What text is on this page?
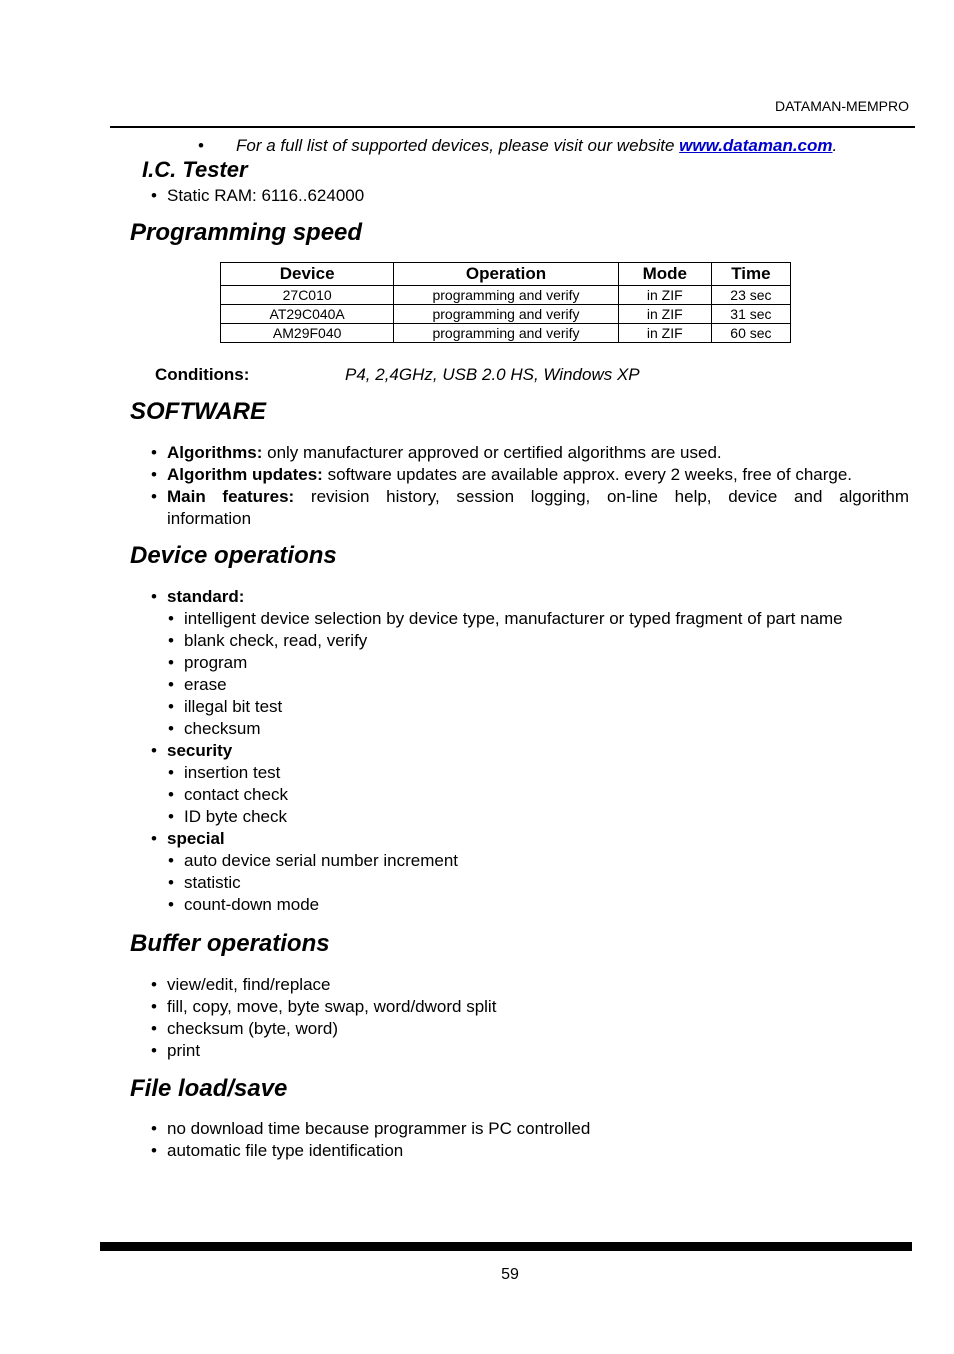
DATAMAN-MEMPRO
•
For a full list of supported devices, please visit our website www.dataman.com.
I.C. Tester
•
Static RAM: 6116..624000
Programming speed
Device	Operation	Mode	Time
27C010	programming and verify	in ZIF	23 sec
AT29C040A	programming and verify	in ZIF	31 sec
AM29F040	programming and verify	in ZIF	60 sec
Conditions:	P4, 2,4GHz, USB 2.0 HS, Windows XP
SOFTWARE
•
Algorithms: only manufacturer approved or certified algorithms are used.
•
Algorithm updates: software updates are available approx. every 2 weeks, free of charge.
•
Main features: revision history, session logging, on-line help, device and algorithm
information
Device operations
•
standard:
•
intelligent device selection by device type, manufacturer or typed fragment of part name
•
blank check, read, verify
•
program
•
erase
•
illegal bit test
•
checksum
•
security
•
insertion test
•
contact check
•
ID byte check
•
special
•
auto device serial number increment
•
statistic
•
count-down mode
Buffer operations
•
view/edit, find/replace
•
fill, copy, move, byte swap, word/dword split
•
checksum (byte, word)
•
print
File load/save
•
no download time because programmer is PC controlled
•
automatic file type identification
59
